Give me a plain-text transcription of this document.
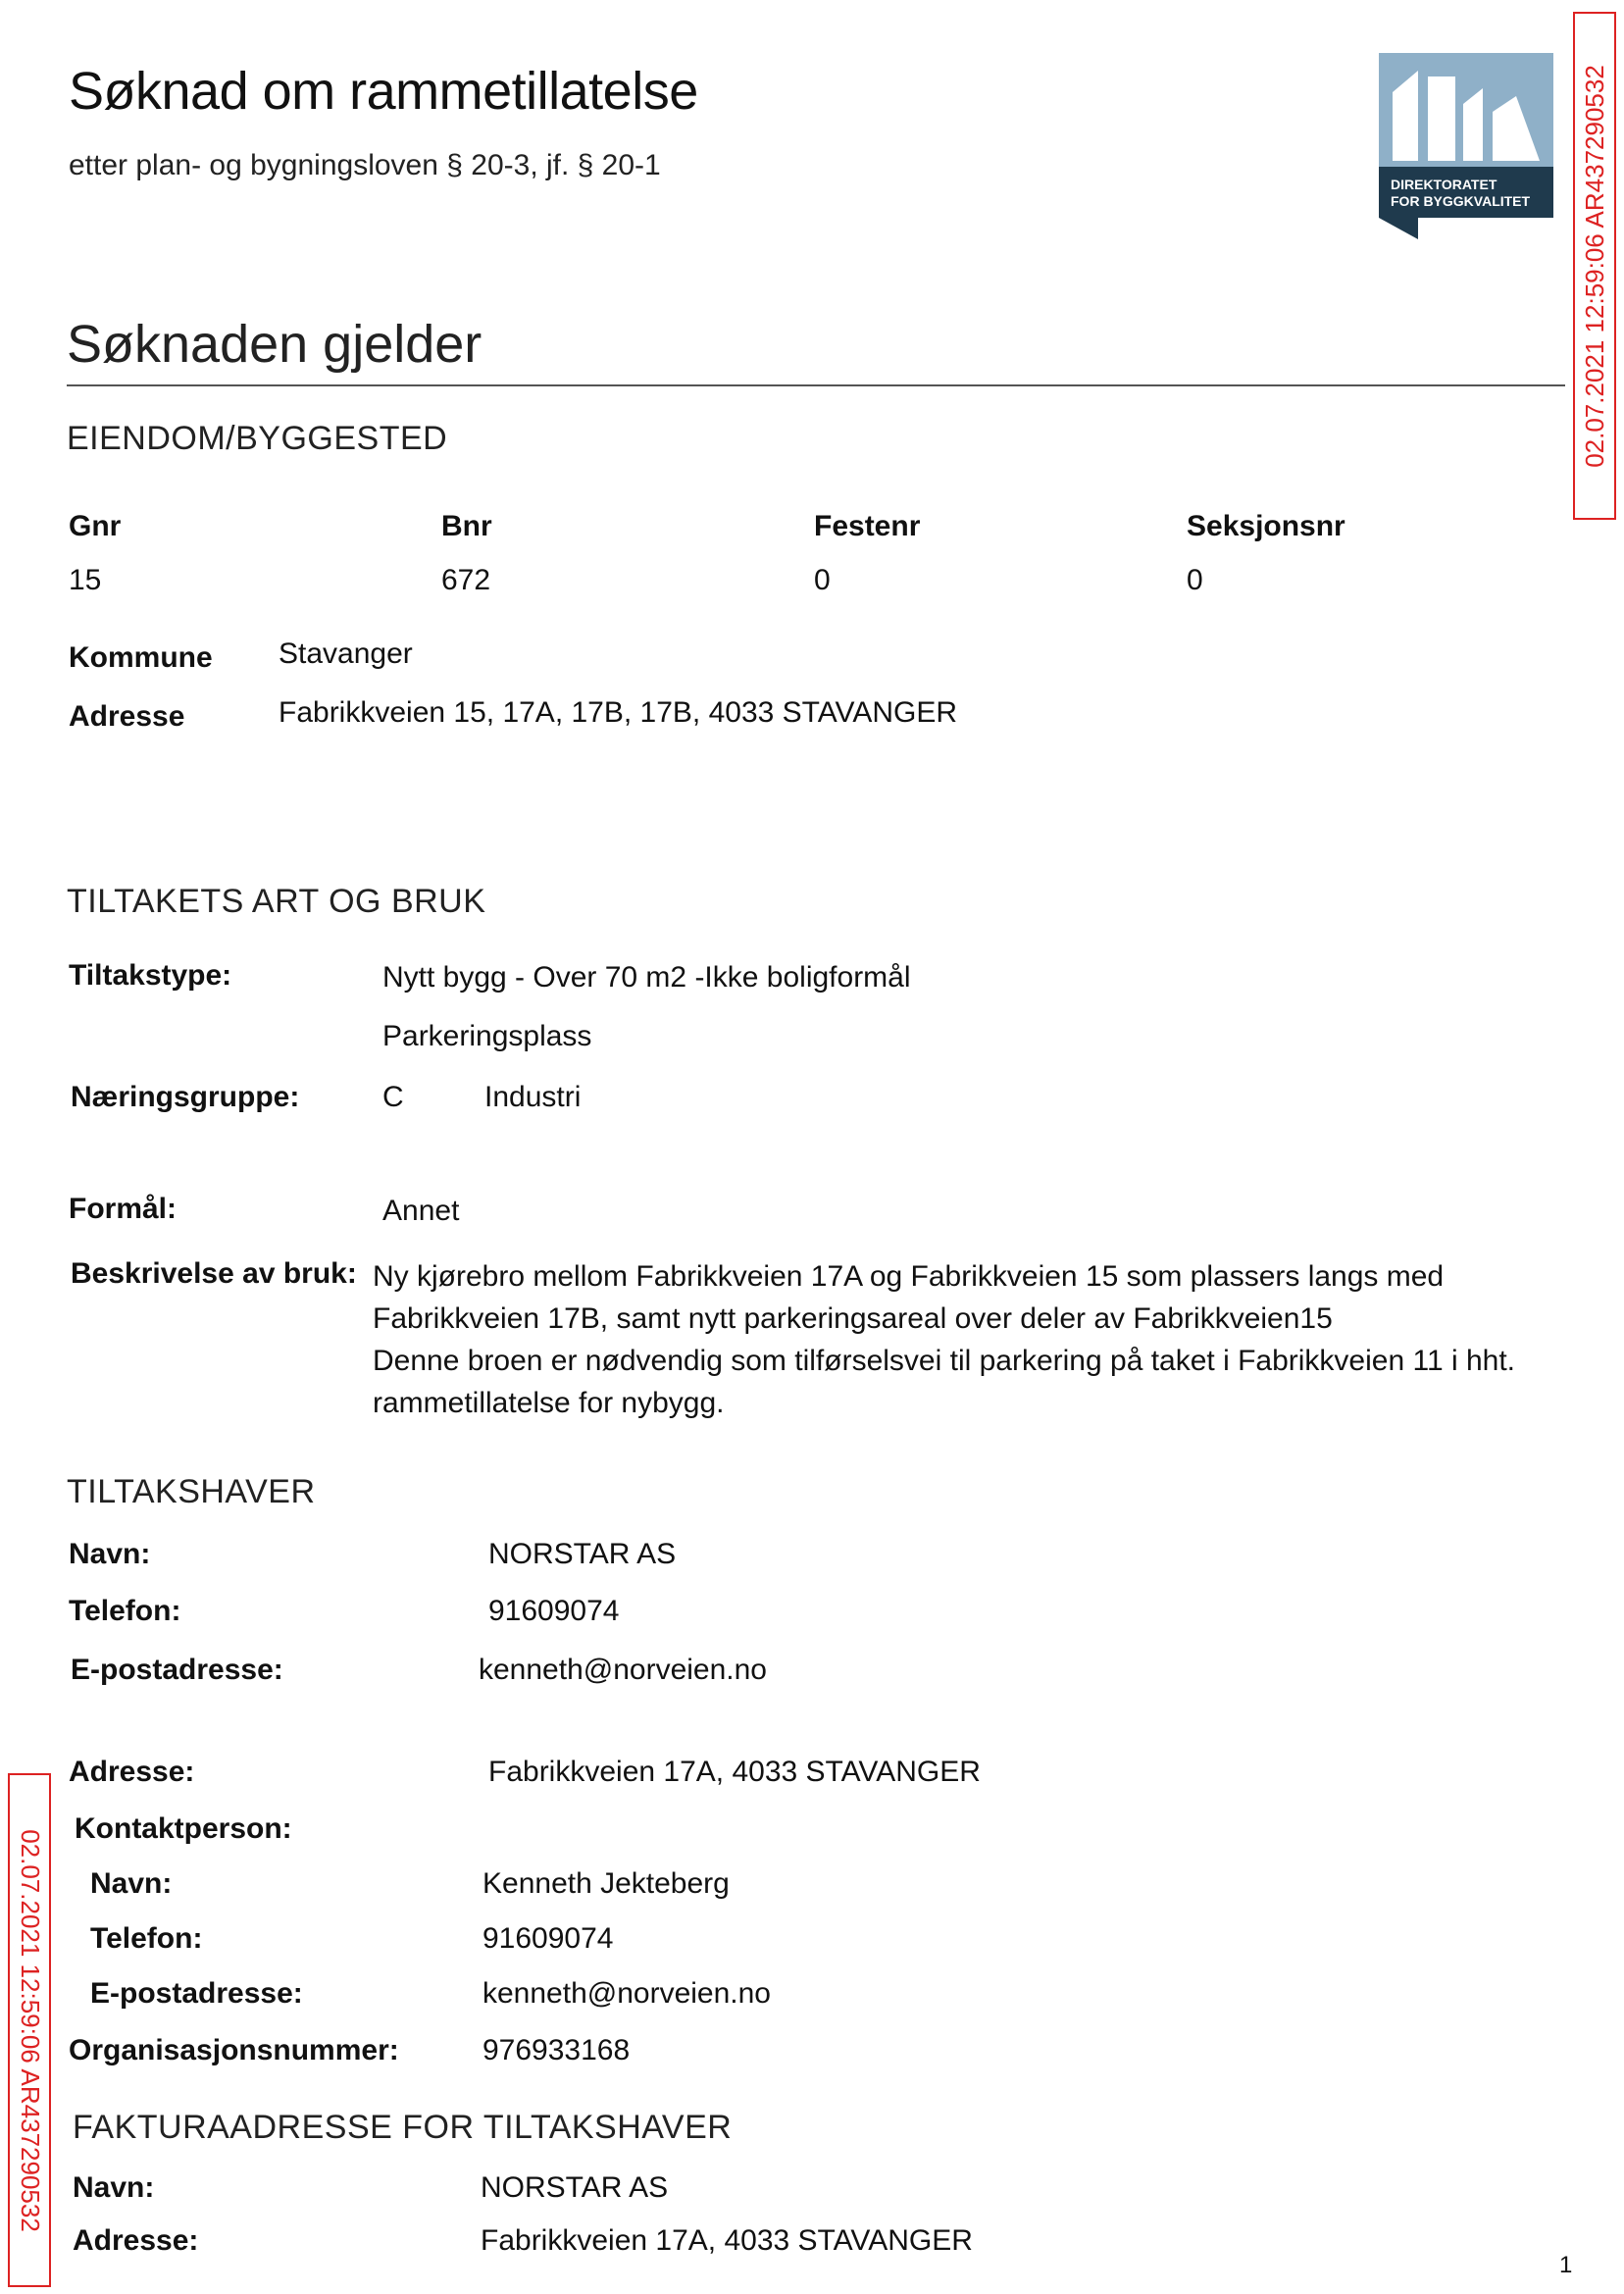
Søknad om rammetillatelse
etter plan- og bygningsloven § 20-3, jf. § 20-1
DIREKTORATET
FOR BYGGKVALITET 02.07.2021 12:59:06 AR437290532
02.07.2021 12:59:06 AR437290532
Søknaden gjelder
EIENDOM/BYGGESTED
Gnr	Bnr	Festenr	Seksjonsnr
15	672	0	0
Kommune Stavanger
Adresse	Fabrikkveien 15, 17A, 17B, 17B, 4033 STAVANGER
TILTAKETS ART OG BRUK
Tiltakstype:	Nytt bygg - Over 70 m2 -Ikke boligformål
Parkeringsplass
Næringsgruppe:	C	Industri
Formål:	Annet
Beskrivelse av bruk: Ny kjørebro mellom Fabrikkveien 17A og Fabrikkveien 15 som plassers langs med Fabrikkveien 17B, samt nytt parkeringsareal over deler av Fabrikkveien15
Denne broen er nødvendig som tilførselsvei til parkering på taket i Fabrikkveien 11 i hht. rammetillatelse for nybygg.
TILTAKSHAVER
Navn:	NORSTAR AS
Telefon:	91609074
E-postadresse:	kenneth@norveien.no
Adresse:	Fabrikkveien 17A, 4033 STAVANGER
Kontaktperson:
Navn:	Kenneth Jekteberg
Telefon:	91609074
E-postadresse:	kenneth@norveien.no
Organisasjonsnummer:	976933168
FAKTURAADRESSE FOR TILTAKSHAVER
Navn:	NORSTAR AS
Adresse:	Fabrikkveien 17A, 4033 STAVANGER
1
